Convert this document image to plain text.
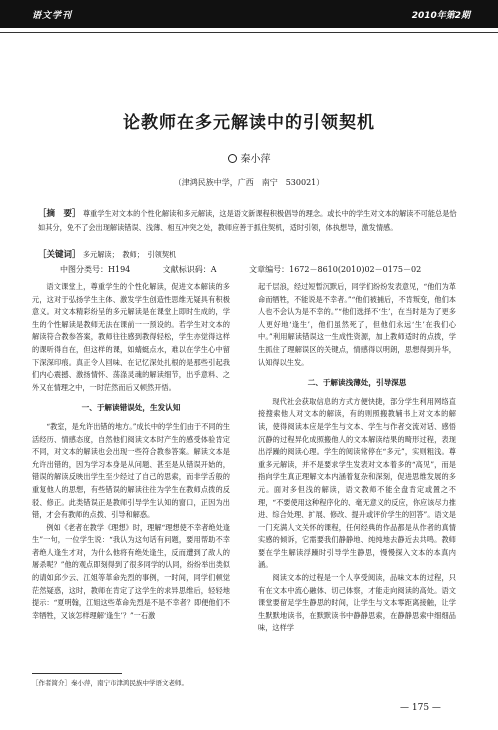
语文学刊	2010年第2期
论教师在多元解读中的引领契机
秦小萍
（津鸿民族中学，广西　南宁　530021）
［摘　要］ 尊重学生对文本的个性化解读和多元解读，这是语文新课程积极倡导的理念。或长中的学生对文本的解读不可能总是恰如其分，免不了会出现解读错误、浅薄、相互冲突之处，教师应善于抓住契机，适时引领，体执想导，激发情感。
［关键词］ 多元解读；　教师；　引领契机
中图分类号：H194	文献标识码：A	文章编号：1672－8610(2010)02－0175－02

语文课堂上，尊重学生的个性化解读，促进文本解读的多元，这对于弘扬学生主体、激发学生创造性思维无疑具有积极意义。对文本精彩纷呈的多元解读是在课堂上即时生成的，学生的个性解读是教师无法在课前一一预设的。若学生对文本的解读符合教参答案，教师往往感到教得轻松，学生亦觉得这样的课听得自在，但这样的课，如蜻蜓点水，难以在学生心中留下深深印痕。真正令人回味、在记忆深处扎根的是那些引起我们内心震撼、激扬情怀、荡涤灵魂的解读细节，出乎意料、之外又在情理之中，一时茫然而后又顿然开悟。

一、于解读错误处，生发认知

“教室，是允许出错的地方。”成长中的学生们由于不同的生活经历、情感态度，自然他们阅读文本时产生的感受体验肯定不同，对文本的解读也会出现一些符合教参答案。解读文本是允许出错的，因为学习本身是从问题、甚至是从错误开始的，错误的解读反映出学生至少经过了自己的思索，而非学舌般的重复他人的思想，有些错误的解读往往为学生在教师点拨的反驳、修正。此类错误正是教师引导学生认知的窗口，正因为出错，才会有教师的点拨、引导和解惑。

例如《老者在教学《理想》时，理解“理想使不幸者绝处逢生”一句，一位学生说：“我认为这句话有问题，要用帮助不幸者绝人逢生才对，为什么他将有绝处逢生，反而遭到了敌人的屠杀呢？”他的观点即刻得到了很多同学的认同，纷纷举出类似的请如邱少云、江姐等革命先烈的事例，一时间，同学们顿觉茫然疑惑，这时，教师在肯定了这学生的求异思维后，轻轻地提示：“夏明翰，江姐这些革命先烈是不是不幸者？即便他们不幸牺牲，又该怎样理解‘逢生’？”一石激

起千层浪，经过短暂沉默后，同学们纷纷发表意见，“他们为革命而牺牲，不能说是不幸者。”“他们被捕后，不肯叛变，他们本人也不会认为是不幸的。”“他们选择不‘生’，在当时是为了更多人更好地‘逢生’，他们虽然死了，但他们永远‘生’在我们心中。”利用解读错误这一生成性资源，加上教师适时的点拨，学生抓住了理解误区的关键点，情感得以明朗，思想得到升华，认知得以生发。

二、于解读浅薄处，引导深思

现代社会获取信息的方式方便快捷，部分学生利用网络直接搜索他人对文本的解读，有的则照搬教辅书上对文本的解读，使得阅读本应是学生与文本、学生与作者交流对话、感悟沉静的过程异化成照搬他人的文本解读结果的畸形过程，表现出浮躁的阅读心理。学生的阅读常停在“多元”，实则粗浅。尊重多元解读，并不是要求学生发表对文本着多的“高见”，而是指向学生真正理解文本内涵着复杂和深刻，促进思维发展的多元。面对多但浅的解读，语文教师不能全盘肯定或置之不理，“不要使用这种程序化的、毫无意义的反应，你应该尽力推进、综合处理、扩展、修改、提升或评价学生的回答”。语文是一门充满人文关怀的课程，任何经典的作品都是从作者的真情实感的倾诉，它需要我们静静地、纯纯地去静近去共鸣。教师要在学生解读浮躁时引导学生静思，慢慢探入文本的本真内涵。

阅读文本的过程是一个人享受阅读，品味文本的过程，只有在文本中流心融体、切己体察，才能走向阅读的高处。语文课堂要留足学生静思的时间，让学生与文本零距离接触，让学生默默地读书，在默默读书中静静思索，在静静思索中细细品味，这样学

［作者简介］秦小萍，南宁市津鸿民族中学语文老师。
— 175 —
